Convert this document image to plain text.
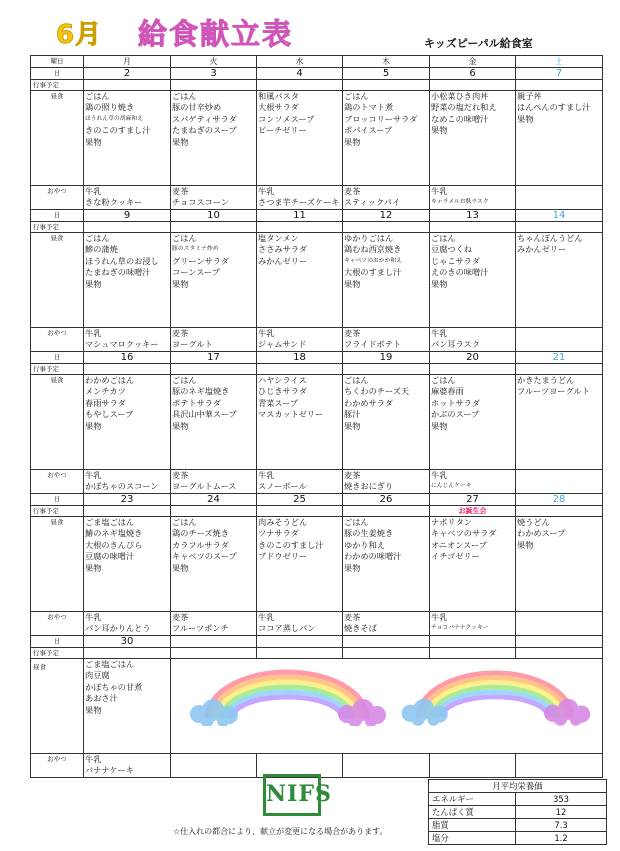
6月 給食献立表	キッズピーパル給食室
曜日	月	火	水	木	金	土
日	2	3	4	5	6	7
行事予定						
昼食	ごはん
鶏の照り焼き
ほうれん草の胡麻和え
きのこのすまし汁
果物	ごはん
豚の甘辛炒め
スパゲティサラダ
たまねぎのスープ
果物	和風パスタ
大根サラダ
コンソメスープ
ピーチゼリー	ごはん
鶏のトマト煮
ブロッコリーサラダ
ポパイスープ
果物	小松菜ひき肉丼
野菜の塩だれ和え
なめこの味噌汁
果物	親子丼
はんぺんのすまし汁
果物

おやつ	牛乳
きな粉クッキー	麦茶
チョコスコーン	牛乳
さつま芋チーズケーキ	麦茶
スティックパイ	牛乳
キャラメルお麩ラスク	

日	9	10	11	12	13	14
行事予定						
昼食	ごはん
鰺の蒲焼
ほうれん草のお浸し
たまねぎの味噌汁
果物	ごはん
豚のスタミナ炒め
グリーンサラダ
コーンスープ
果物	塩タンメン
ささみサラダ
みかんゼリー	ゆかりごはん
鶏むね西京焼き
キャベツのおかか和え
大根のすまし汁
果物	ごはん
豆腐つくね
じゃこサラダ
えのきの味噌汁
果物	ちゃんぽんうどん
みかんゼリー

おやつ	牛乳
マシュマロクッキー	麦茶
ヨーグルト	牛乳
ジャムサンド	麦茶
フライドポテト	牛乳
パン耳ラスク	

日	16	17	18	19	20	21
行事予定						
昼食	わかめごはん
メンチカツ
春雨サラダ
もやしスープ
果物	ごはん
豚のネギ塩焼き
ポテトサラダ
具沢山中華スープ
果物	ハヤシライス
ひじきサラダ
青菜スープ
マスカットゼリー	ごはん
ちくわのチーズ天
わかめサラダ
豚汁
果物	ごはん
麻婆春雨
ホットサラダ
かぶのスープ
果物	かきたまうどん
フルーツヨーグルト

おやつ	牛乳
かぼちゃのスコーン	麦茶
ヨーグルトムース	牛乳
スノーボール	麦茶
焼きおにぎり	牛乳
にんじんケーキ	

日	23	24	25	26	27	28
行事予定					お誕生会	
昼食	ごま塩ごはん
鰆のネギ塩焼き
大根のきんぴら
豆腐の味噌汁
果物	ごはん
鶏のチーズ焼き
カラフルサラダ
キャベツのスープ
果物	肉みそうどん
ツナサラダ
きのこのすまし汁
ブドウゼリー	ごはん
豚の生姜焼き
ゆかり和え
わかめの味噌汁
果物	ナポリタン
キャベツのサラダ
オニオンスープ
イチゴゼリー	焼うどん
わかめスープ
果物

おやつ	牛乳
パン耳かりんとう	麦茶
フルーツポンチ	牛乳
ココア蒸しパン	麦茶
焼きそば	牛乳
チョコバナナクッキー	

日	30					
行事予定						
昼食	ごま塩ごはん
肉豆腐
かぼちゃの甘煮
あおさ汁
果物					

おやつ	牛乳
バナナケーキ					

NIFS
☆仕入れの都合により、献立が変更になる場合があります。
月平均栄養価	
エネルギー	353
たんぱく質	12
脂質	7.3
塩分	1.2
